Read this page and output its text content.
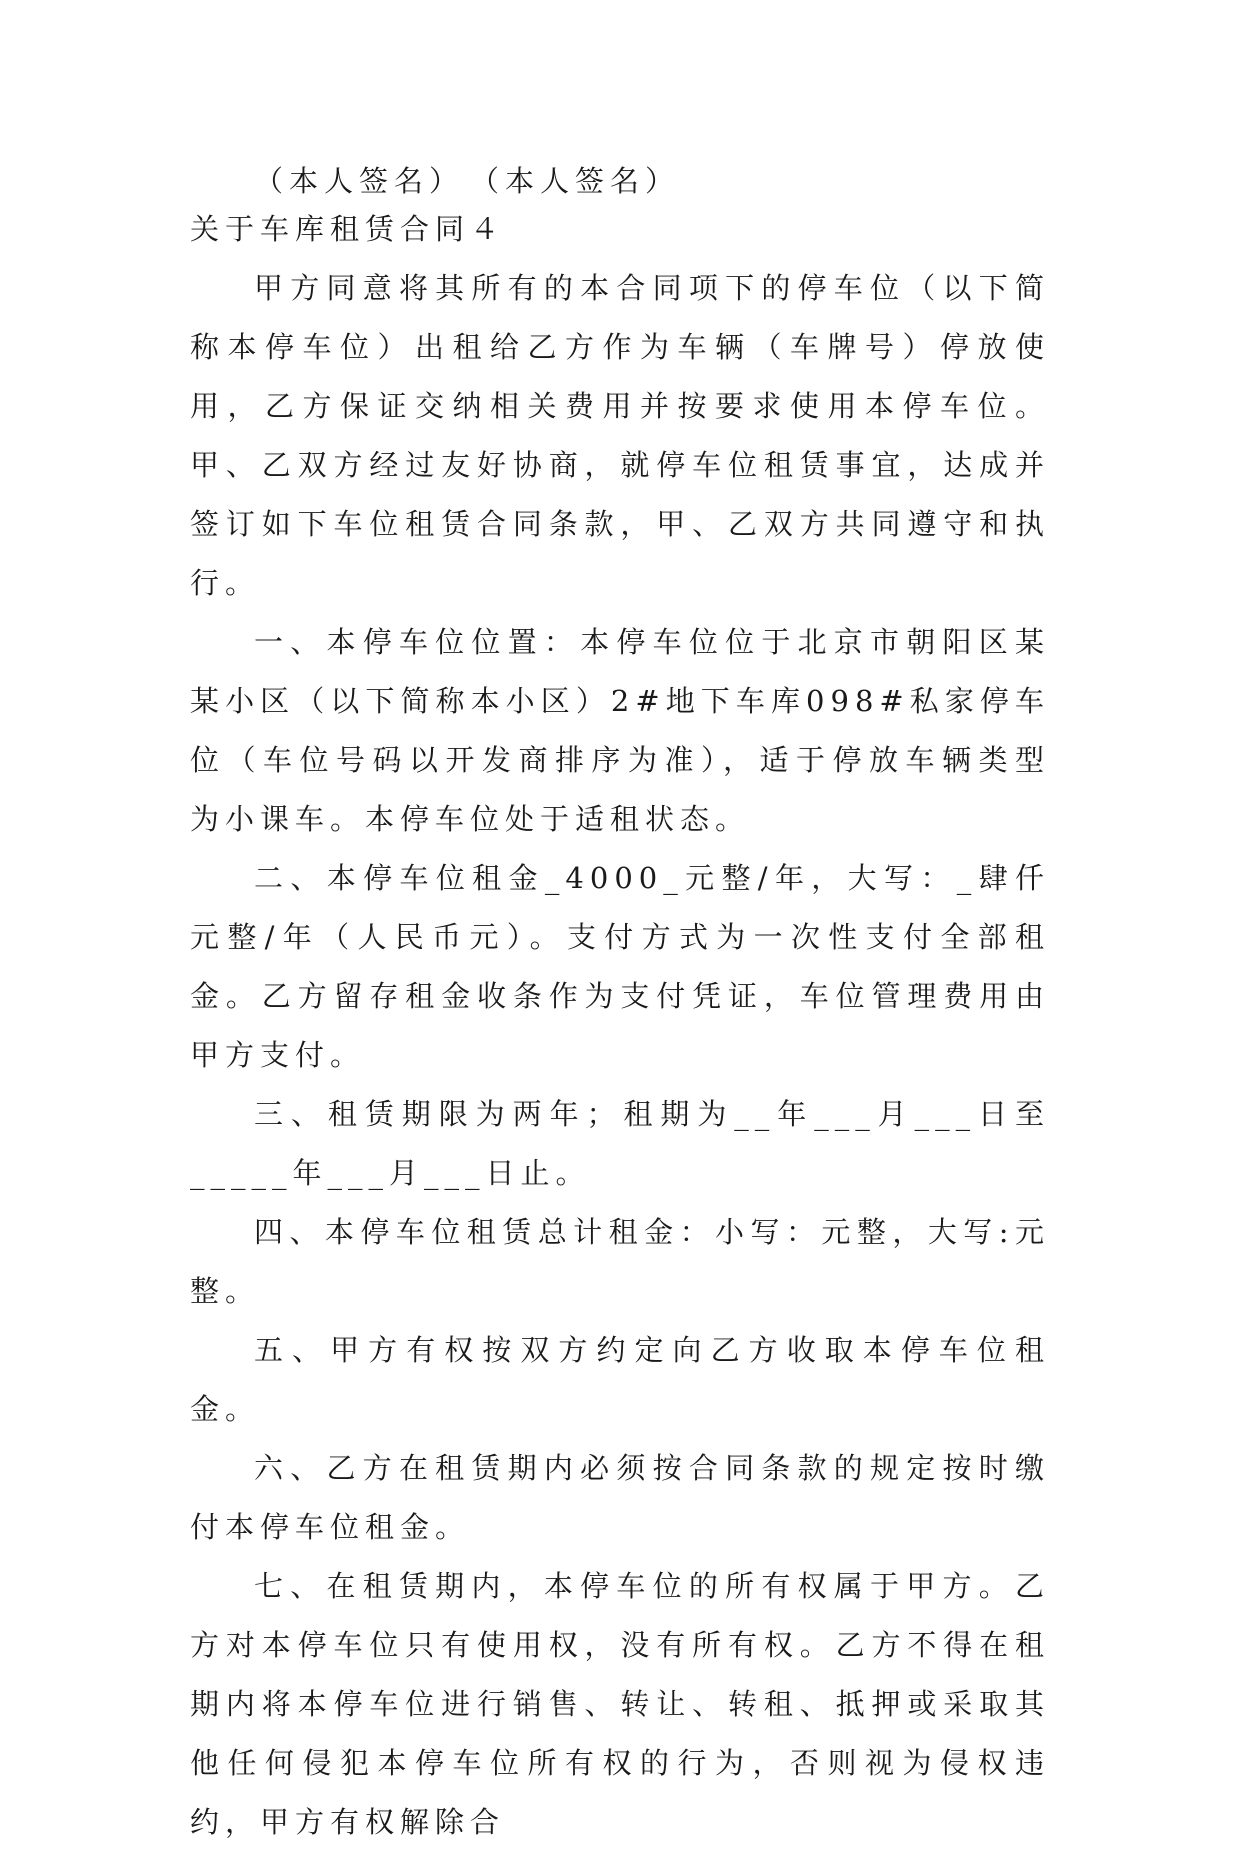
（本人签名）　（本人签名）

关于车库租赁合同４

甲方同意将其所有的本合同项下的停车位（以下简称本停车位）出租给乙方作为车辆（车牌号）停放使用，乙方保证交纳相关费用并按要求使用本停车位。甲、乙双方经过友好协商，就停车位租赁事宜，达成并签订如下车位租赁合同条款，甲、乙双方共同遵守和执行。

一、本停车位位置：本停车位位于北京市朝阳区某某小区（以下简称本小区）2#地下车库098#私家停车位（车位号码以开发商排序为准），适于停放车辆类型为小课车。本停车位处于适租状态。

二、本停车位租金_4000_元整/年，大写：_肆仟元整/年（人民币元）。支付方式为一次性支付全部租金。乙方留存租金收条作为支付凭证，车位管理费用由甲方支付。

三、租赁期限为两年；租期为__年___月___日至_____年___月___日止。

四、本停车位租赁总计租金：小写：元整，大写:元整。

五、甲方有权按双方约定向乙方收取本停车位租金。

六、乙方在租赁期内必须按合同条款的规定按时缴付本停车位租金。

七、在租赁期内，本停车位的所有权属于甲方。乙方对本停车位只有使用权，没有所有权。乙方不得在租期内将本停车位进行销售、转让、转租、抵押或采取其他任何侵犯本停车位所有权的行为，否则视为侵权违约，甲方有权解除合
